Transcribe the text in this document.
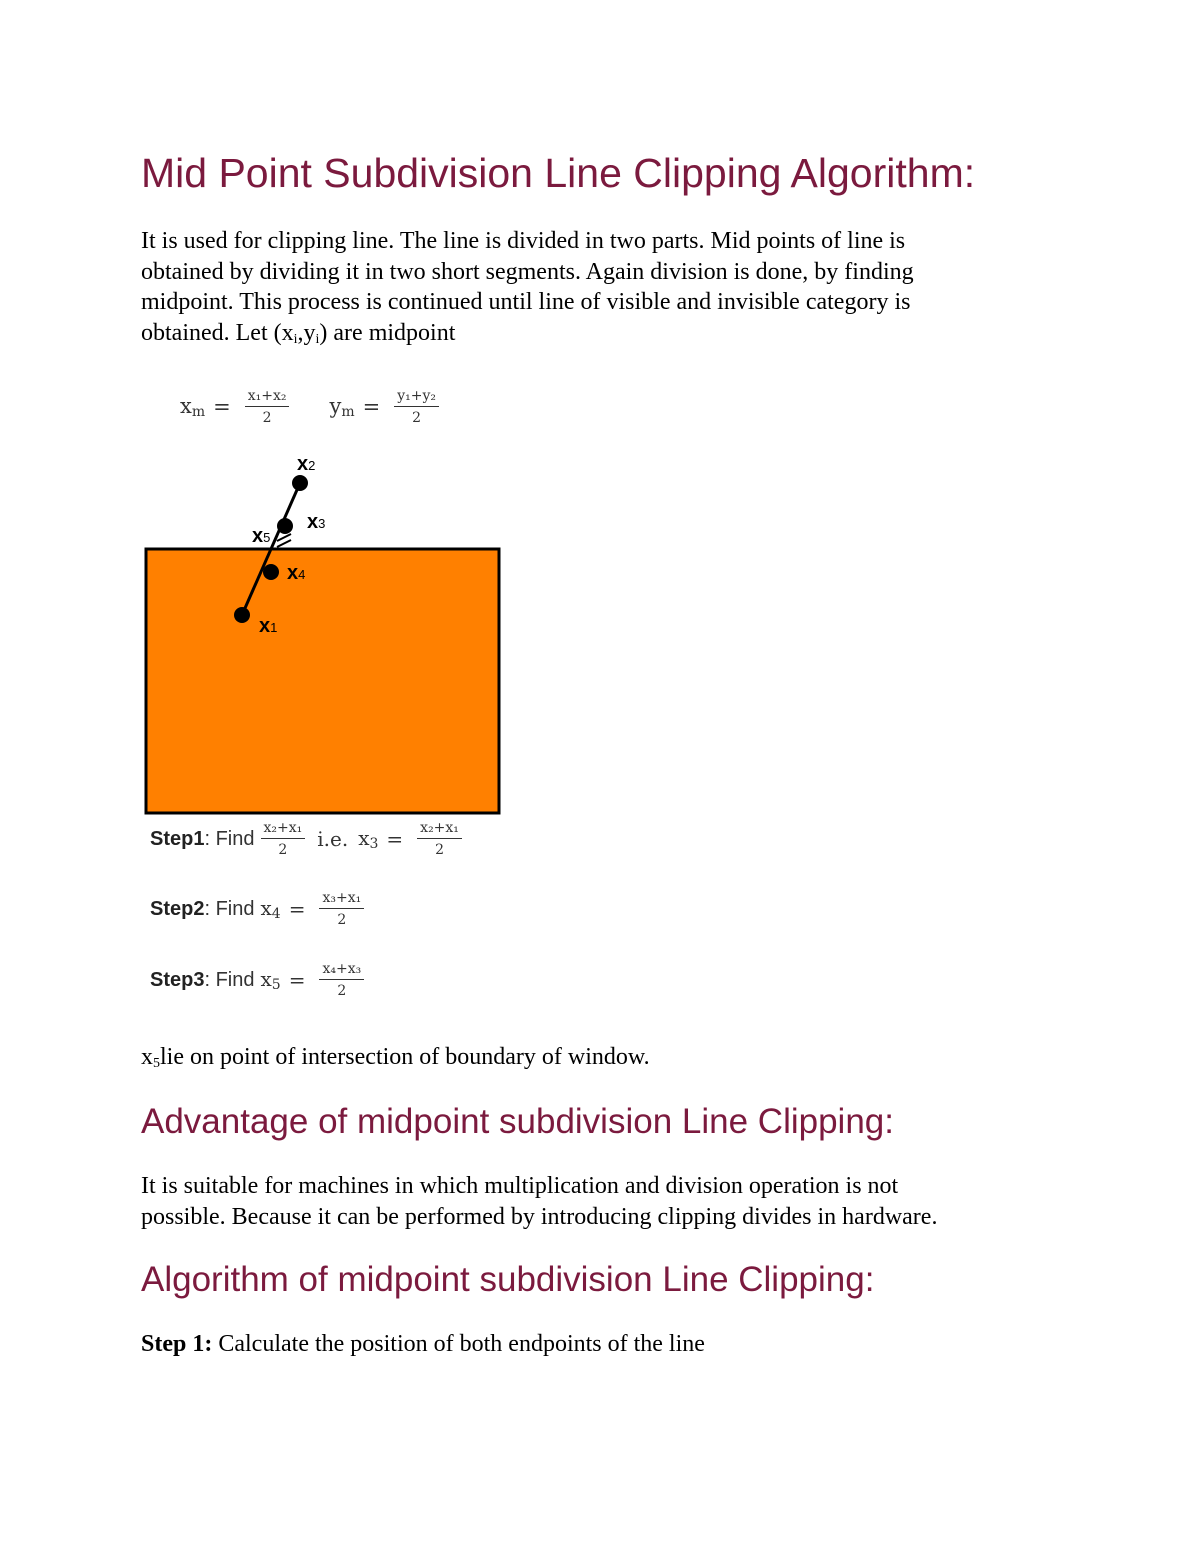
Mid Point Subdivision Line Clipping Algorithm:

It is used for clipping line. The line is divided in two parts. Mid points of line is
obtained by dividing it in two short segments. Again division is done, by finding
midpoint. This process is continued until line of visible and invisible category is
obtained. Let $(x_i,y_i)$ are midpoint

$x_m = \frac{\text{x₁+x₂}}{2} y_m = \frac{\text{y₁+y₂}}{2}$
x2
x3
x5
x4
x1
Step1 : Find $\frac{\text{x₂+x₁}}{2} i.e$. $x_3 = \frac{\text{x₂+x₁}}{2}$
Step2 : Find $x_4 = \frac{\text{x₃+x₁}}{2}$
Step3 : Find $x_5 = \frac{\text{x₄+x₃}}{2}$

$x_5lie$ on point of intersection of boundary of window.

Advantage of midpoint subdivision Line Clipping:

It is suitable for machines in which multiplication and division operation is not
possible. Because it can be performed by introducing clipping divides in hardware.

Algorithm of midpoint subdivision Line Clipping:

Step 1: Calculate the position of both endpoints of the line
